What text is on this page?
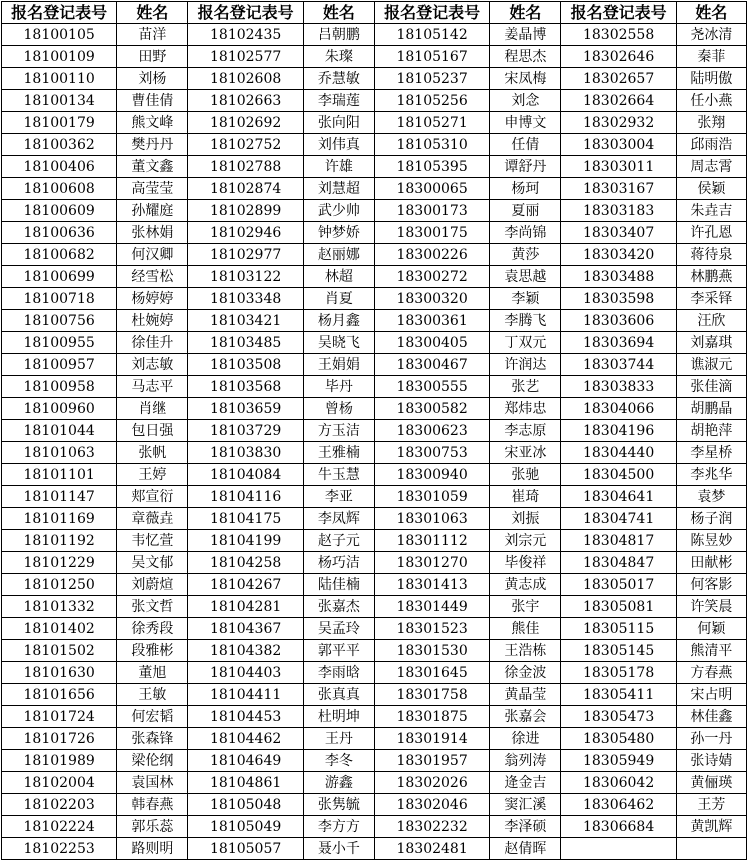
报名登记表号	姓名	报名登记表号	姓名	报名登记表号	姓名	报名登记表号	姓名
18100105	苗洋	18102435	吕朝鹏	18105142	姜晶博	18302558	尧冰清
18100109	田野	18102577	朱璨	18105167	程思杰	18302646	秦菲
18100110	刘杨	18102608	乔慧敏	18105237	宋凤梅	18302657	陆明傲
18100134	曹佳倩	18102663	李瑞莲	18105256	刘念	18302664	任小燕
18100179	熊文峰	18102692	张向阳	18105271	申博文	18302932	张翔
18100362	樊丹丹	18102752	刘伟真	18105310	任倩	18303004	邱雨浩
18100406	董文鑫	18102788	许雄	18105395	谭舒丹	18303011	周志霄
18100608	高莹莹	18102874	刘慧超	18300065	杨珂	18303167	侯颖
18100609	孙耀庭	18102899	武少帅	18300173	夏丽	18303183	朱垚吉
18100636	张林娟	18102946	钟梦娇	18300175	李尚锦	18303407	许孔恩
18100682	何汉卿	18102977	赵丽娜	18300226	黄莎	18303420	蒋待泉
18100699	经雪松	18103122	林超	18300272	袁思越	18303488	林鹏燕
18100718	杨婷婷	18103348	肖夏	18300320	李颖	18303598	李采铎
18100756	杜婉婷	18103421	杨月鑫	18300361	李腾飞	18303606	汪欣
18100955	徐佳升	18103485	吴晓飞	18300405	丁双元	18303694	刘嘉琪
18100957	刘志敏	18103508	王娟娟	18300467	许润达	18303744	谯淑元
18100958	马志平	18103568	毕丹	18300555	张艺	18303833	张佳滴
18100960	肖继	18103659	曾杨	18300582	郑炜忠	18304066	胡鹏晶
18101044	包日强	18103729	方玉洁	18300623	李志原	18304196	胡艳萍
18101063	张帆	18103830	王雅楠	18300753	宋亚冰	18304440	李星桥
18101101	王婷	18104084	牛玉慧	18300940	张驰	18304500	李兆华
18101147	郏宣衍	18104116	李亚	18301059	崔琦	18304641	袁梦
18101169	章薇垚	18104175	李凤辉	18301063	刘振	18304741	杨子润
18101192	韦忆萱	18104199	赵子元	18301112	刘宗元	18304817	陈昱妙
18101229	吴文郁	18104258	杨巧洁	18301270	毕俊祥	18304847	田献彬
18101250	刘蔚煊	18104267	陆佳楠	18301413	黄志成	18305017	何客影
18101332	张文哲	18104281	张嘉杰	18301449	张宇	18305081	许笑晨
18101402	徐秀段	18104367	吴孟玲	18301523	熊佳	18305115	何颖
18101502	段雅彬	18104382	郭平平	18301530	王浩栋	18305145	熊清平
18101630	董旭	18104403	李雨晗	18301645	徐金波	18305178	方春燕
18101656	王敏	18104411	张真真	18301758	黄晶莹	18305411	宋占明
18101724	何宏韬	18104453	杜明坤	18301875	张嘉会	18305473	林佳鑫
18101726	张森锋	18104462	王丹	18301914	徐进	18305480	孙一丹
18101989	梁伦纲	18104649	李冬	18301957	翁列涛	18305949	张诗婧
18102004	袁国林	18104861	游鑫	18302026	逄金吉	18306042	黄俪瑛
18102203	韩春燕	18105048	张隽毓	18302046	窦汇溪	18306462	王芳
18102224	郭乐蕊	18105049	李方方	18302232	李泽硕	18306684	黄凯辉
18102253	路则明	18105057	聂小千	18302481	赵倩晖		
